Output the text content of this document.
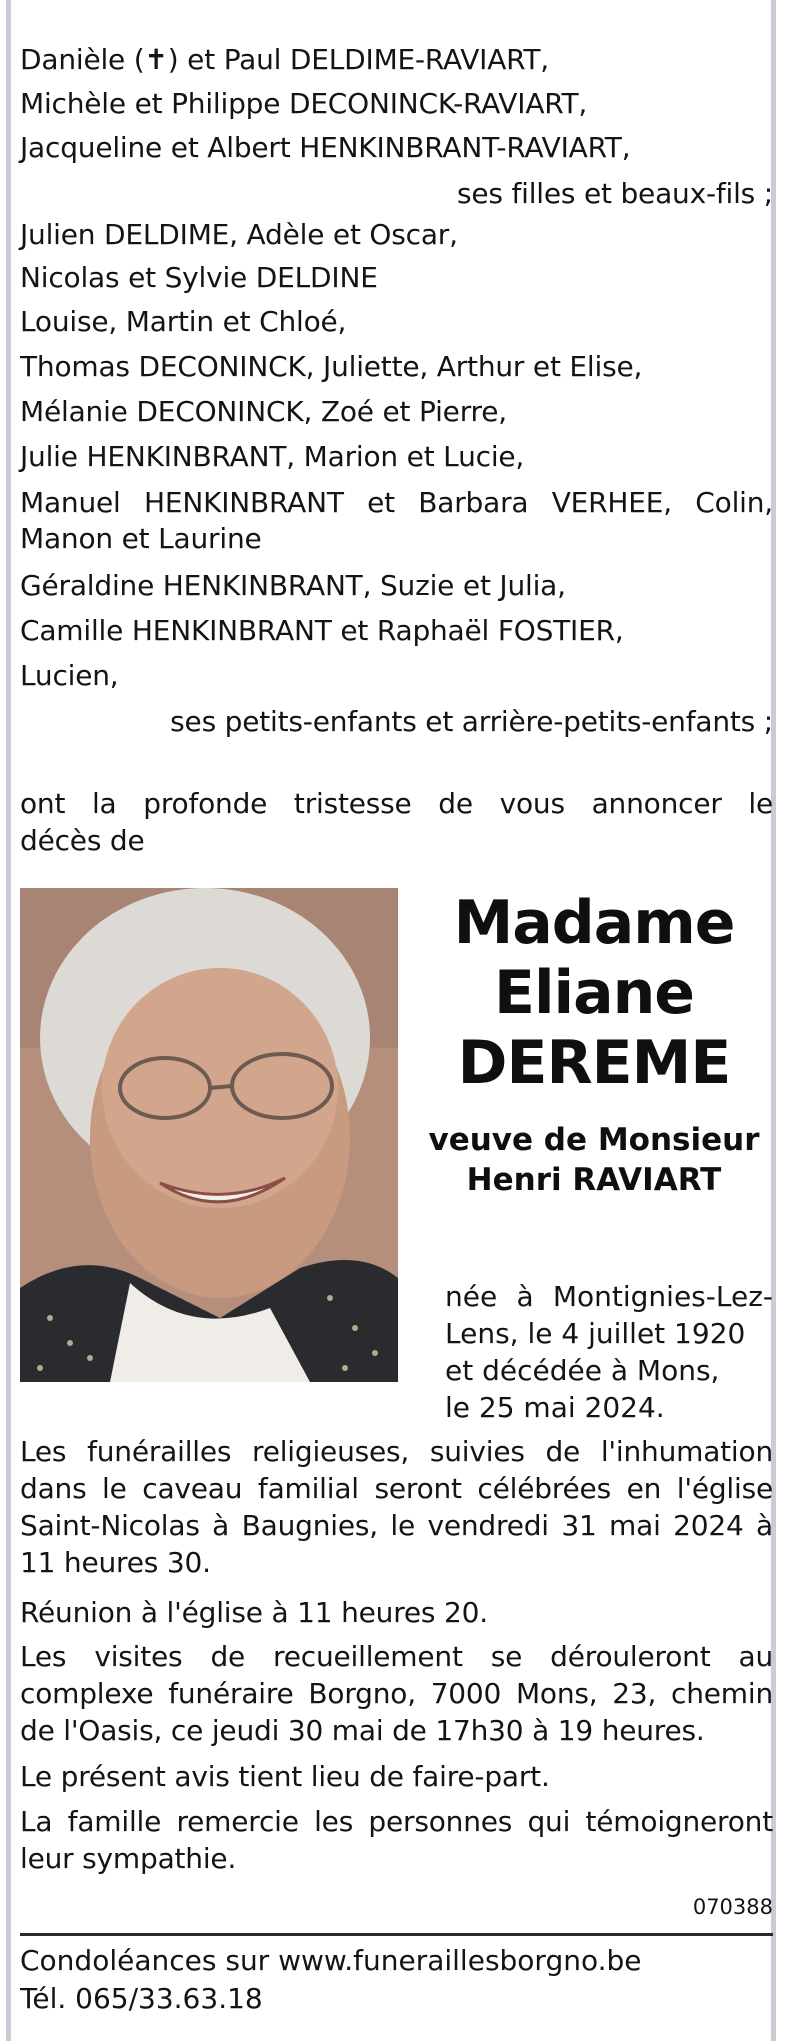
Danièle (✝) et Paul DELDIME-RAVIART,
Michèle et Philippe DECONINCK-RAVIART,
Jacqueline et Albert HENKINBRANT-RAVIART,
ses filles et beaux-fils ;
Julien DELDIME, Adèle et Oscar,
Nicolas et Sylvie DELDINE
Louise, Martin et Chloé,
Thomas DECONINCK, Juliette, Arthur et Elise,
Mélanie DECONINCK, Zoé et Pierre,
Julie HENKINBRANT, Marion et Lucie,
Manuel HENKINBRANT et Barbara VERHEE, Colin,
Manon et Laurine
Géraldine HENKINBRANT, Suzie et Julia,
Camille HENKINBRANT et Raphaël FOSTIER,
Lucien,
ses petits-enfants et arrière-petits-enfants ;
ont la profonde tristesse de vous annoncer le
décès de
Madame
Eliane
DEREME
veuve de Monsieur
Henri RAVIART
née à Montignies-Lez-
Lens, le 4 juillet 1920
et décédée à Mons,
le 25 mai 2024.
Les funérailles religieuses, suivies de l'inhumation dans le caveau familial seront célébrées en l'église Saint-Nicolas à Baugnies, le vendredi 31 mai 2024 à 11 heures 30.
Réunion à l'église à 11 heures 20.
Les visites de recueillement se dérouleront au complexe funéraire Borgno, 7000 Mons, 23, chemin de l'Oasis, ce jeudi 30 mai de 17h30 à 19 heures.
Le présent avis tient lieu de faire-part.
La famille remercie les personnes qui témoigneront leur sympathie.
070388
Condoléances sur www.funeraillesborgno.be
Tél. 065/33.63.18
